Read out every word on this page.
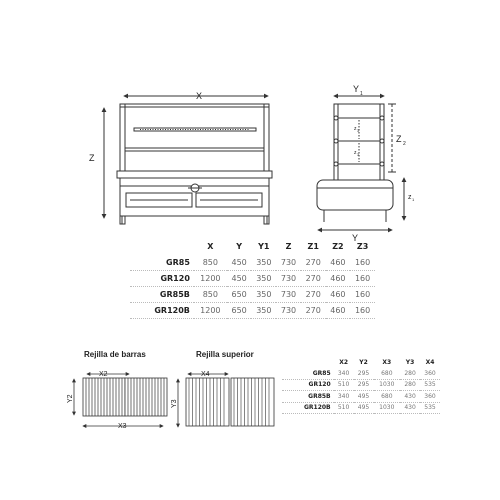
X
Z
Y 1
Z 2
z 3
z 3
Y
z 1
X2
Y2
X3
X4
Y3
Rejilla de barras	Rejilla superior
	X	Y	Y1	Z	Z1	Z2	Z3
GR85	850	450	350	730	270	460	160
GR120	1200	450	350	730	270	460	160
GR85B	850	650	350	730	270	460	160
GR120B	1200	650	350	730	270	460	160
	X2	Y2	X3	Y3	X4
GR85	340	295	680	280	360
GR120	510	295	1030	280	535
GR85B	340	495	680	430	360
GR120B	510	495	1030	430	535
